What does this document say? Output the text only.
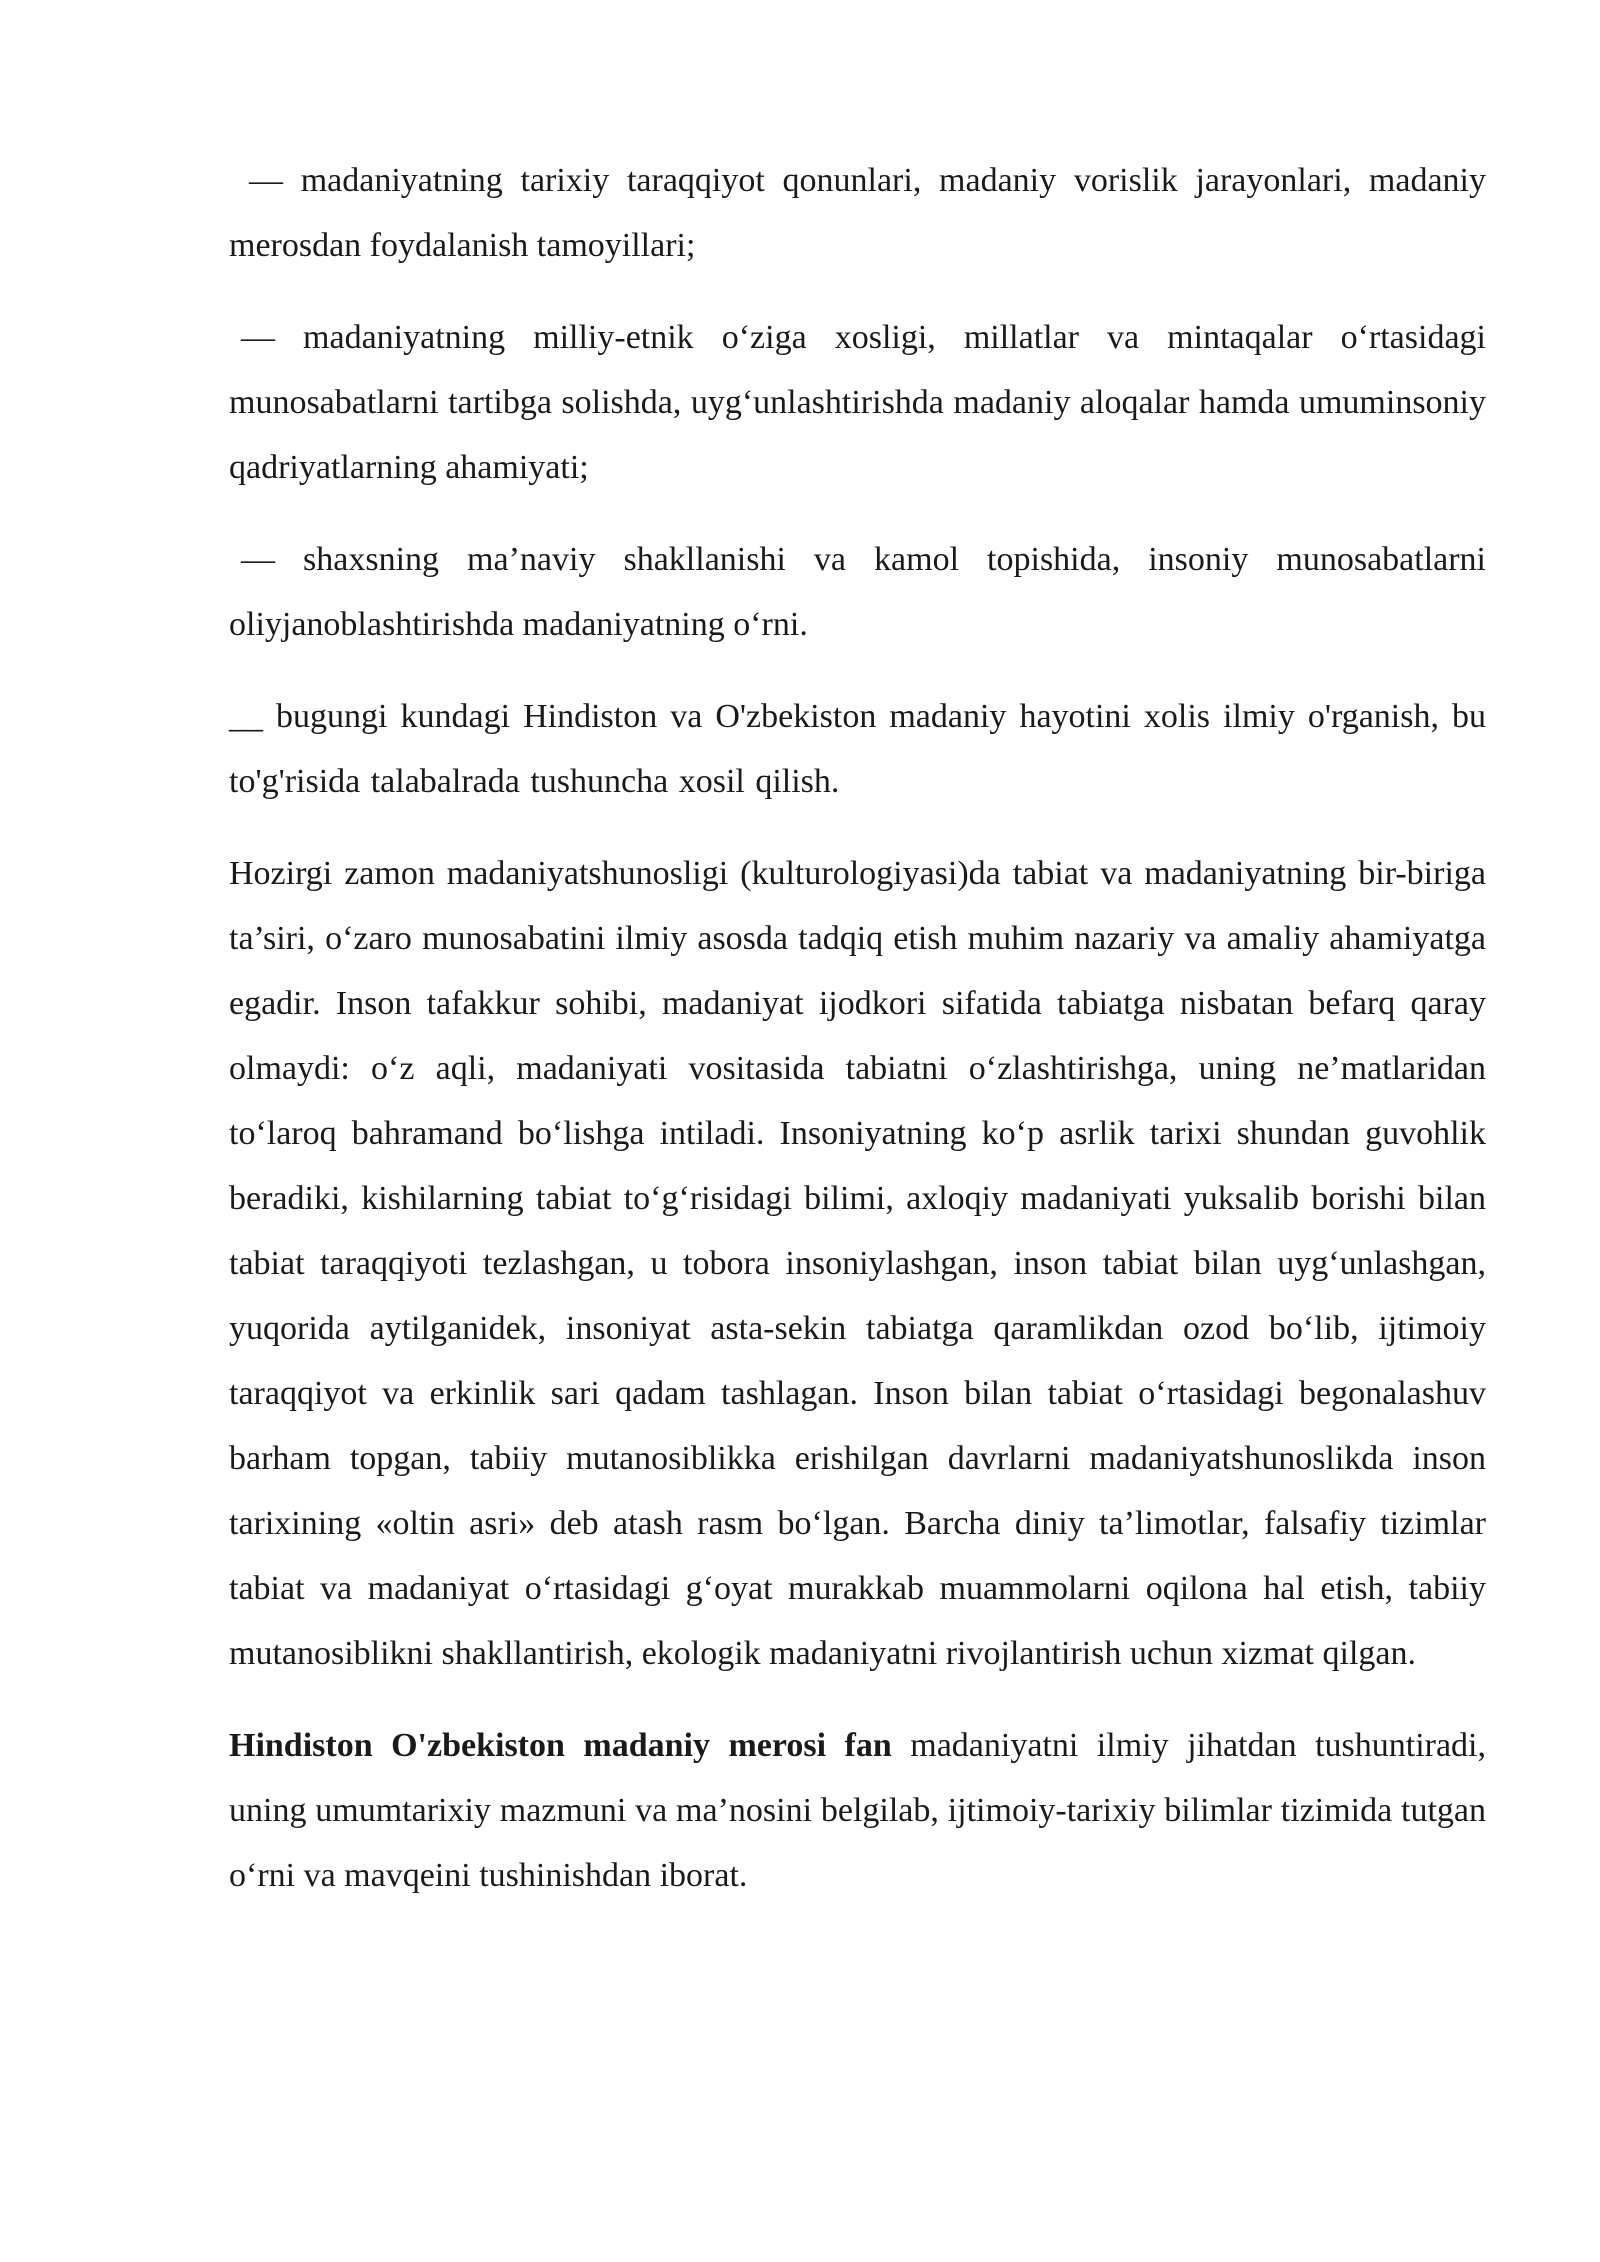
— madaniyatning tarixiy taraqqiyot qonunlari, madaniy vorislik jarayonlari, madaniy merosdan foydalanish tamoyillari;

— madaniyatning milliy-etnik o‘ziga xosligi, millatlar va mintaqalar o‘rtasidagi munosabatlarni tartibga solishda, uyg‘unlashtirishda madaniy aloqalar hamda umuminsoniy qadriyatlarning ahamiyati;

— shaxsning ma’naviy shakllanishi va kamol topishida, insoniy munosabatlarni oliyjanoblashtirishda madaniyatning o‘rni.

__ bugungi kundagi Hindiston va O'zbekiston madaniy hayotini xolis ilmiy o'rganish, bu to'g'risida talabalrada tushuncha xosil qilish.

Hozirgi zamon madaniyatshunosligi (kulturologiyasi)da tabiat va madaniyatning bir-biriga ta’siri, o‘zaro munosabatini ilmiy asosda tadqiq etish muhim nazariy va amaliy ahamiyatga egadir. Inson tafakkur sohibi, madaniyat ijodkori sifatida tabiatga nisbatan befarq qaray olmaydi: o‘z aqli, madaniyati vositasida tabiatni o‘zlashtirishga, uning ne’matlaridan to‘laroq bahramand bo‘lishga intiladi. Insoniyatning ko‘p asrlik tarixi shundan guvohlik beradiki, kishilarning tabiat to‘g‘risidagi bilimi, axloqiy madaniyati yuksalib borishi bilan tabiat taraqqiyoti tezlashgan, u tobora insoniylashgan, inson tabiat bilan uyg‘unlashgan, yuqorida aytilganidek, insoniyat asta-sekin tabiatga qaramlikdan ozod bo‘lib, ijtimoiy taraqqiyot va erkinlik sari qadam tashlagan. Inson bilan tabiat o‘rtasidagi begonalashuv barham topgan, tabiiy mutanosiblikka erishilgan davrlarni madaniyatshunoslikda inson tarixining «oltin asri» deb atash rasm bo‘lgan. Barcha diniy ta’limotlar, falsafiy tizimlar tabiat va madaniyat o‘rtasidagi g‘oyat murakkab muammolarni oqilona hal etish, tabiiy mutanosiblikni shakllantirish, ekologik madaniyatni rivojlantirish uchun xizmat qilgan.

Hindiston O'zbekiston madaniy merosi fan madaniyatni ilmiy jihatdan tushuntiradi, uning umumtarixiy mazmuni va ma’nosini belgilab, ijtimoiy-tarixiy bilimlar tizimida tutgan o‘rni va mavqeini tushinishdan iborat.
